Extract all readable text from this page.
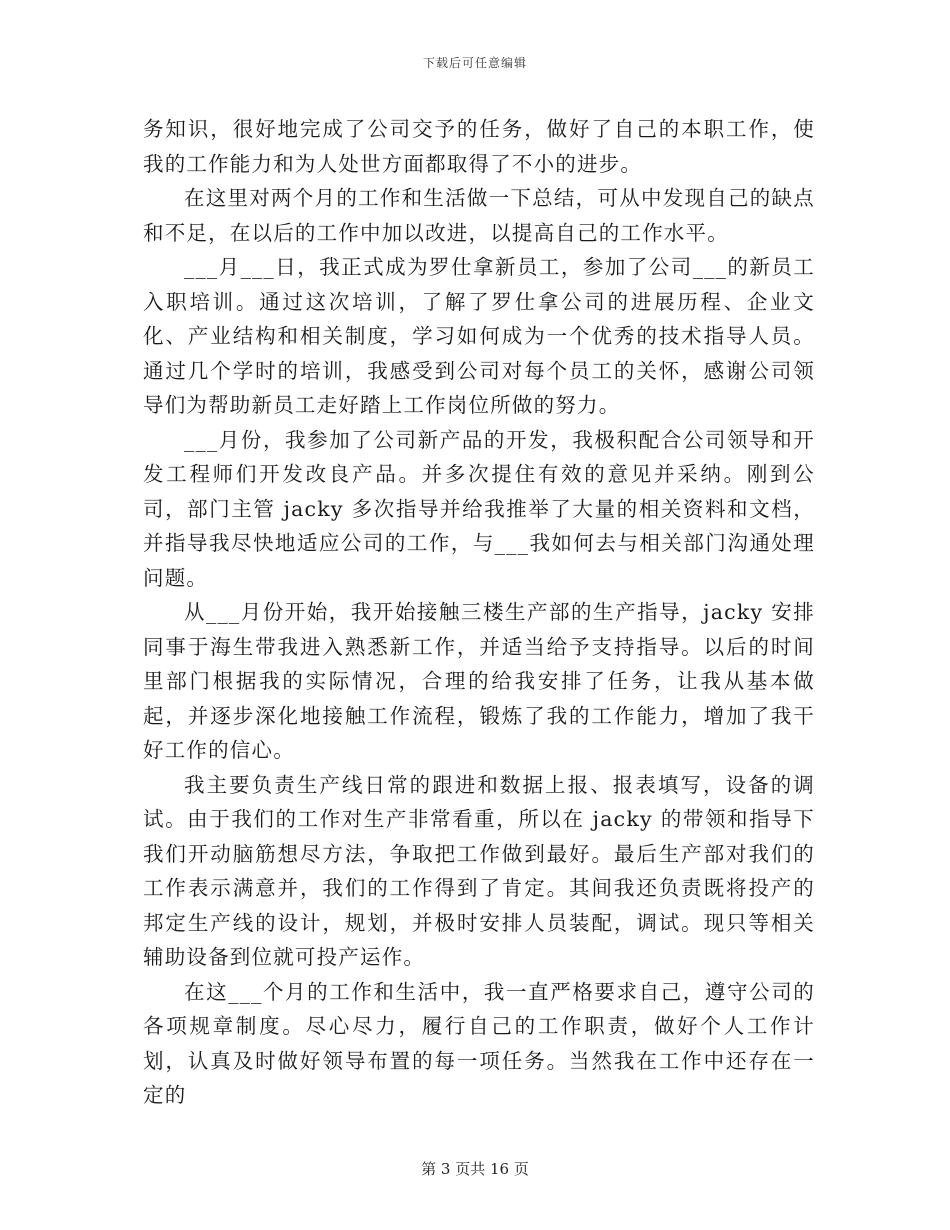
下载后可任意编辑

务知识，很好地完成了公司交予的任务，做好了自己的本职工作，使我的工作能力和为人处世方面都取得了不小的进步。

在这里对两个月的工作和生活做一下总结，可从中发现自己的缺点和不足，在以后的工作中加以改进，以提高自己的工作水平。

___月___日，我正式成为罗仕拿新员工，参加了公司___的新员工入职培训。通过这次培训，了解了罗仕拿公司的进展历程、企业文化、产业结构和相关制度，学习如何成为一个优秀的技术指导人员。通过几个学时的培训，我感受到公司对每个员工的关怀，感谢公司领导们为帮助新员工走好踏上工作岗位所做的努力。

___月份，我参加了公司新产品的开发，我极积配合公司领导和开发工程师们开发改良产品。并多次提住有效的意见并采纳。刚到公司，部门主管 jacky 多次指导并给我推举了大量的相关资料和文档，并指导我尽快地适应公司的工作，与___我如何去与相关部门沟通处理问题。

从___月份开始，我开始接触三楼生产部的生产指导，jacky 安排同事于海生带我进入熟悉新工作，并适当给予支持指导。以后的时间里部门根据我的实际情况，合理的给我安排了任务，让我从基本做起，并逐步深化地接触工作流程，锻炼了我的工作能力，增加了我干好工作的信心。

我主要负责生产线日常的跟进和数据上报、报表填写，设备的调试。由于我们的工作对生产非常看重，所以在 jacky 的带领和指导下我们开动脑筋想尽方法，争取把工作做到最好。最后生产部对我们的工作表示满意并，我们的工作得到了肯定。其间我还负责既将投产的邦定生产线的设计，规划，并极时安排人员装配，调试。现只等相关辅助设备到位就可投产运作。

在这___个月的工作和生活中，我一直严格要求自己，遵守公司的各项规章制度。尽心尽力，履行自己的工作职责，做好个人工作计划，认真及时做好领导布置的每一项任务。当然我在工作中还存在一定的

第 3 页共 16 页
